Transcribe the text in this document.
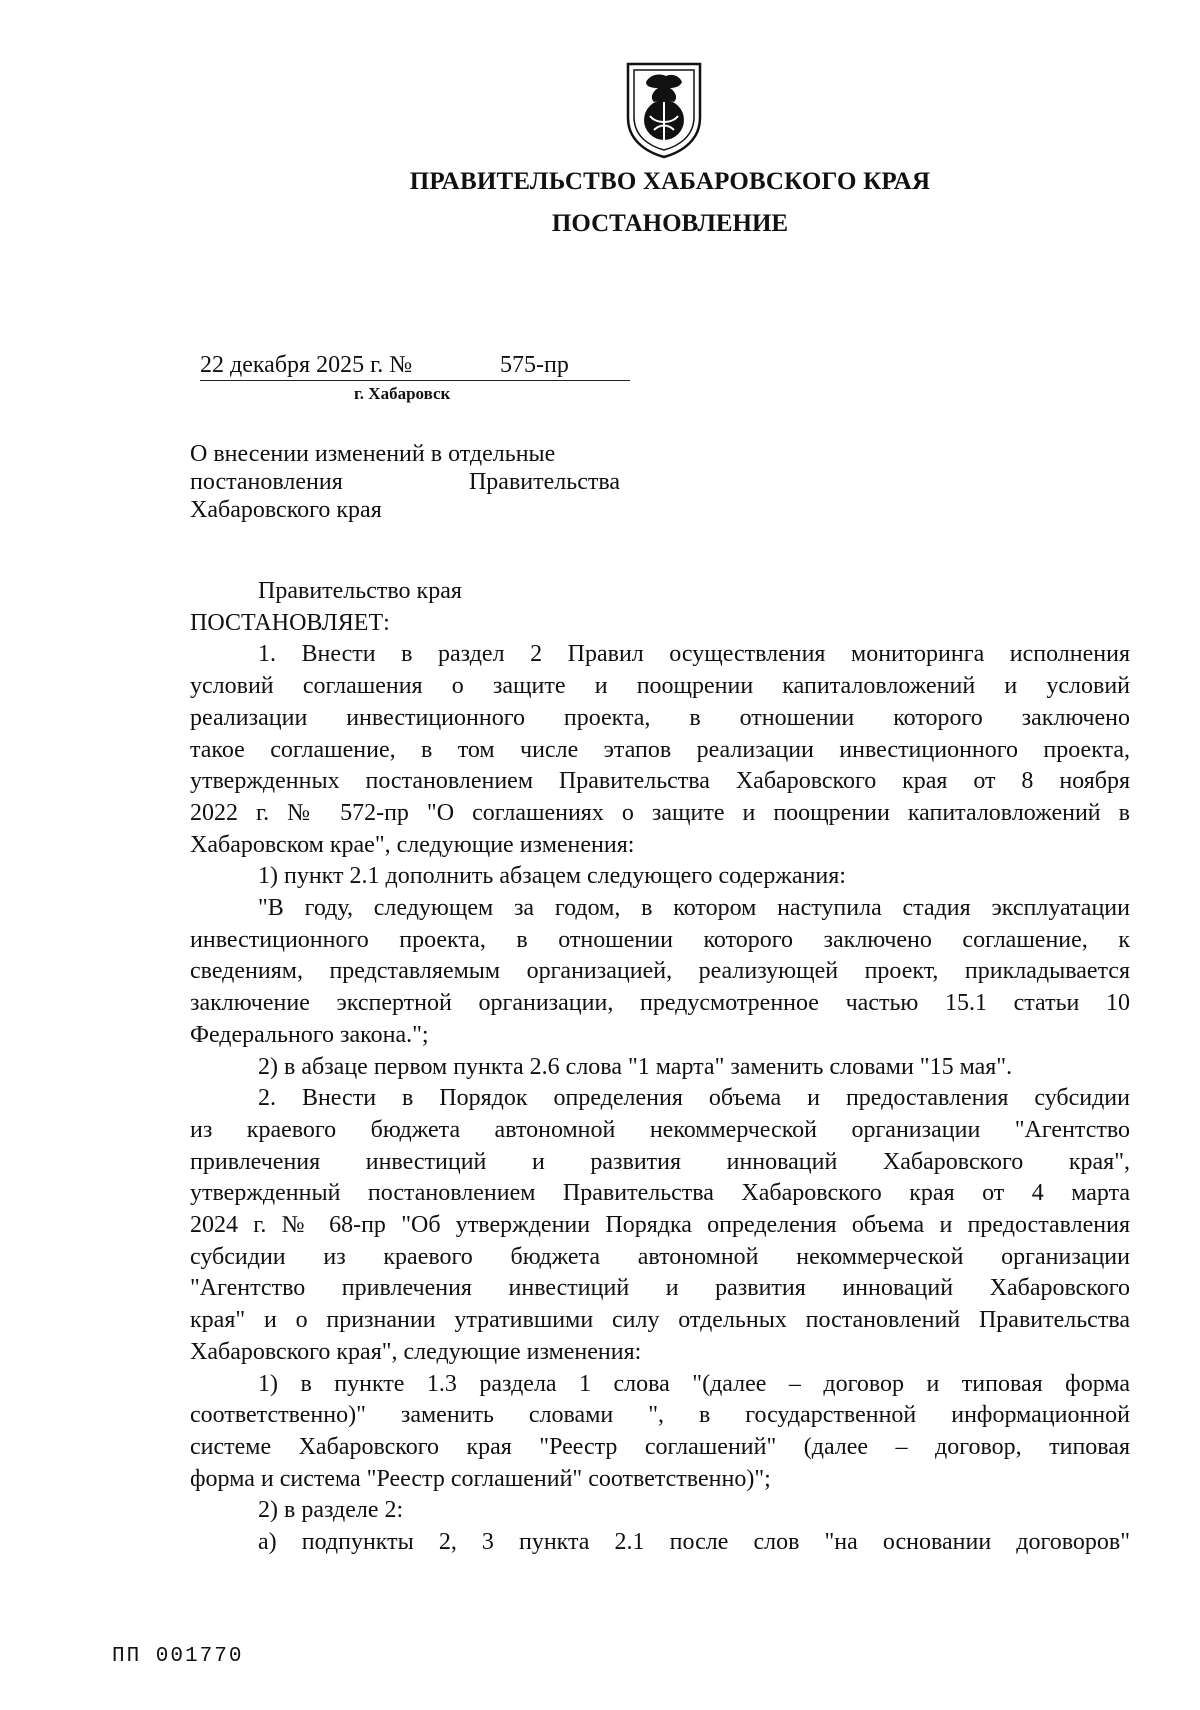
ПРАВИТЕЛЬСТВО ХАБАРОВСКОГО КРАЯ
ПОСТАНОВЛЕНИЕ
22 декабря 2025 г. №	575-пр
г. Хабаровск
О внесении изменений в отдельные
постановления	Правительства
Хабаровского края

Правительство края

ПОСТАНОВЛЯЕТ:

1. Внести в раздел 2 Правил осуществления мониторинга исполнения

условий соглашения о защите и поощрении капиталовложений и условий

реализации инвестиционного проекта, в отношении которого заключено

такое соглашение, в том числе этапов реализации инвестиционного проекта,

утвержденных постановлением Правительства Хабаровского края от 8 ноября

2022 г. № 572-пр "О соглашениях о защите и поощрении капиталовложений в

Хабаровском крае", следующие изменения:

1) пункт 2.1 дополнить абзацем следующего содержания:

"В году, следующем за годом, в котором наступила стадия эксплуатации

инвестиционного проекта, в отношении которого заключено соглашение, к

сведениям, представляемым организацией, реализующей проект, прикладывается

заключение экспертной организации, предусмотренное частью 15.1 статьи 10

Федерального закона.";

2) в абзаце первом пункта 2.6 слова "1 марта" заменить словами "15 мая".

2. Внести в Порядок определения объема и предоставления субсидии

из краевого бюджета автономной некоммерческой организации "Агентство

привлечения инвестиций и развития инноваций Хабаровского края",

утвержденный постановлением Правительства Хабаровского края от 4 марта

2024 г. № 68-пр "Об утверждении Порядка определения объема и предоставления

субсидии из краевого бюджета автономной некоммерческой организации

"Агентство привлечения инвестиций и развития инноваций Хабаровского

края" и о признании утратившими силу отдельных постановлений Правительства

Хабаровского края", следующие изменения:

1) в пункте 1.3 раздела 1 слова "(далее – договор и типовая форма

соответственно)" заменить словами ", в государственной информационной

системе Хабаровского края "Реестр соглашений" (далее – договор, типовая

форма и система "Реестр соглашений" соответственно)";

2) в разделе 2:

а) подпункты 2, 3 пункта 2.1 после слов "на основании договоров"

ПП 001770
